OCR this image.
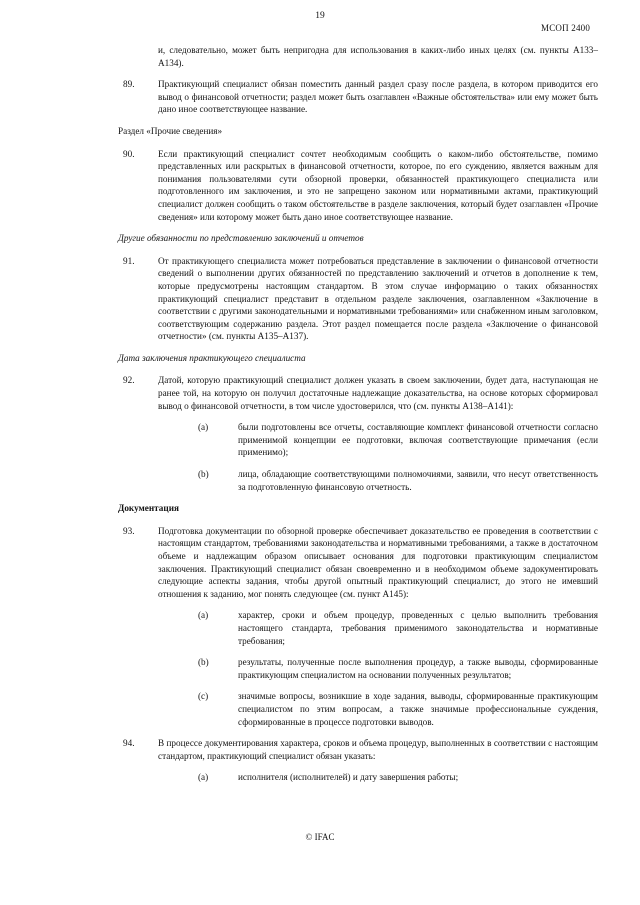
19
МСОП 2400

и, следовательно, может быть непригодна для использования в каких-либо иных целях (см. пункты А133–А134).

89.	Практикующий специалист обязан поместить данный раздел сразу после раздела, в котором приводится его вывод о финансовой отчетности; раздел может быть озаглавлен «Важные обстоятельства» или ему может быть дано иное соответствующее название.

Раздел «Прочие сведения»

90.	Если практикующий специалист сочтет необходимым сообщить о каком-либо обстоятельстве, помимо представленных или раскрытых в финансовой отчетности, которое, по его суждению, является важным для понимания пользователями сути обзорной проверки, обязанностей практикующего специалиста или подготовленного им заключения, и это не запрещено законом или нормативными актами, практикующий специалист должен сообщить о таком обстоятельстве в разделе заключения, который будет озаглавлен «Прочие сведения» или которому может быть дано иное соответствующее название.

Другие обязанности по представлению заключений и отчетов

91.	От практикующего специалиста может потребоваться представление в заключении о финансовой отчетности сведений о выполнении других обязанностей по представлению заключений и отчетов в дополнение к тем, которые предусмотрены настоящим стандартом. В этом случае информацию о таких обязанностях практикующий специалист представит в отдельном разделе заключения, озаглавленном «Заключение в соответствии с другими законодательными и нормативными требованиями» или снабженном иным заголовком, соответствующим содержанию раздела. Этот раздел помещается после раздела «Заключение о финансовой отчетности» (см. пункты А135–А137).

Дата заключения практикующего специалиста

92.	Датой, которую практикующий специалист должен указать в своем заключении, будет дата, наступающая не ранее той, на которую он получил достаточные надлежащие доказательства, на основе которых сформировал вывод о финансовой отчетности, в том числе удостоверился, что (см. пункты А138–А141):

(a)	были подготовлены все отчеты, составляющие комплект финансовой отчетности согласно применимой концепции ее подготовки, включая соответствующие примечания (если применимо);

(b)	лица, обладающие соответствующими полномочиями, заявили, что несут ответственность за подготовленную финансовую отчетность.

Документация

93.	Подготовка документации по обзорной проверке обеспечивает доказательство ее проведения в соответствии с настоящим стандартом, требованиями законодательства и нормативными требованиями, а также в достаточном объеме и надлежащим образом описывает основания для подготовки практикующим специалистом заключения. Практикующий специалист обязан своевременно и в необходимом объеме задокументировать следующие аспекты задания, чтобы другой опытный практикующий специалист, до этого не имевший отношения к заданию, мог понять следующее (см. пункт А145):

(a)	характер, сроки и объем процедур, проведенных с целью выполнить требования настоящего стандарта, требования применимого законодательства и нормативные требования;

(b)	результаты, полученные после выполнения процедур, а также выводы, сформированные практикующим специалистом на основании полученных результатов;

(c)	значимые вопросы, возникшие в ходе задания, выводы, сформированные практикующим специалистом по этим вопросам, а также значимые профессиональные суждения, сформированные в процессе подготовки выводов.

94.	В процессе документирования характера, сроков и объема процедур, выполненных в соответствии с настоящим стандартом, практикующий специалист обязан указать:

(a)	исполнителя (исполнителей) и дату завершения работы;

© IFAC
